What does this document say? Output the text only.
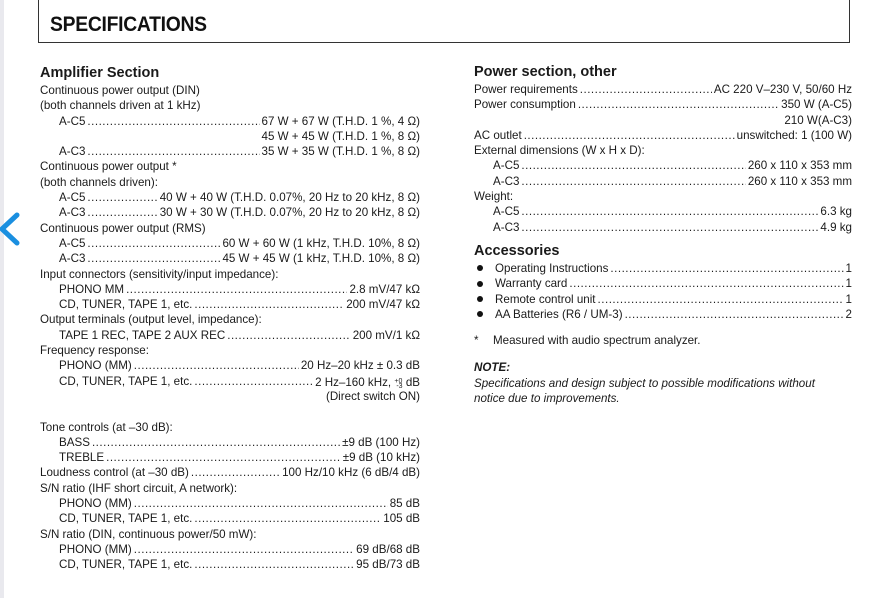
SPECIFICATIONS
Amplifier Section
Continuous power output (DIN)
(both channels driven at 1 kHz)
A-C5 .....	67 W + 67 W (T.H.D. 1 %, 4 Ω)
45 W + 45 W (T.H.D. 1 %, 8 Ω)
A-C3 .....	35 W + 35 W (T.H.D. 1 %, 8 Ω)
Continuous power output *
(both channels driven):
A-C5 .....	40 W + 40 W (T.H.D. 0.07%, 20 Hz to 20 kHz, 8 Ω)
A-C3 .....	30 W + 30 W (T.H.D. 0.07%, 20 Hz to 20 kHz, 8 Ω)
Continuous power output (RMS)
A-C5 .....	60 W + 60 W (1 kHz, T.H.D. 10%, 8 Ω)
A-C3 .....	45 W + 45 W (1 kHz, T.H.D. 10%, 8 Ω)
Input connectors (sensitivity/input impedance):
PHONO MM .....	2.8 mV/47 kΩ
CD, TUNER, TAPE 1, etc. .....	200 mV/47 kΩ
Output terminals (output level, impedance):
TAPE 1 REC, TAPE 2 AUX REC .....	200 mV/1 kΩ
Frequency response:
PHONO (MM) .....	20 Hz–20 kHz ± 0.3 dB
CD, TUNER, TAPE 1, etc. .....	2 Hz–160 kHz, $^{+0}_{-3}$ dB
(Direct switch ON)
Tone controls (at –30 dB):
BASS .....	±9 dB (100 Hz)
TREBLE .....	±9 dB (10 kHz)
Loudness control (at –30 dB) .....	100 Hz/10 kHz (6 dB/4 dB)
S/N ratio (IHF short circuit, A network):
PHONO (MM) .....	85 dB
CD, TUNER, TAPE 1, etc. .....	105 dB
S/N ratio (DIN, continuous power/50 mW):
PHONO (MM) .....	69 dB/68 dB
CD, TUNER, TAPE 1, etc. .....	95 dB/73 dB
Power section, other
Power requirements .....	AC 220 V–230 V, 50/60 Hz
Power consumption .....	350 W (A-C5)
210 W(A-C3)
AC outlet .....	unswitched: 1 (100 W)
External dimensions (W x H x D):
A-C5 .....	260 x 110 x 353 mm
A-C3 .....	260 x 110 x 353 mm
Weight:
A-C5 .....	6.3 kg
A-C3 .....	4.9 kg
Accessories
Operating Instructions .....	1
Warranty card .....	1
Remote control unit .....	1
AA Batteries (R6 / UM-3) .....	2
* Measured with audio spectrum analyzer.
NOTE:
Specifications and design subject to possible modifications without
notice due to improvements.
